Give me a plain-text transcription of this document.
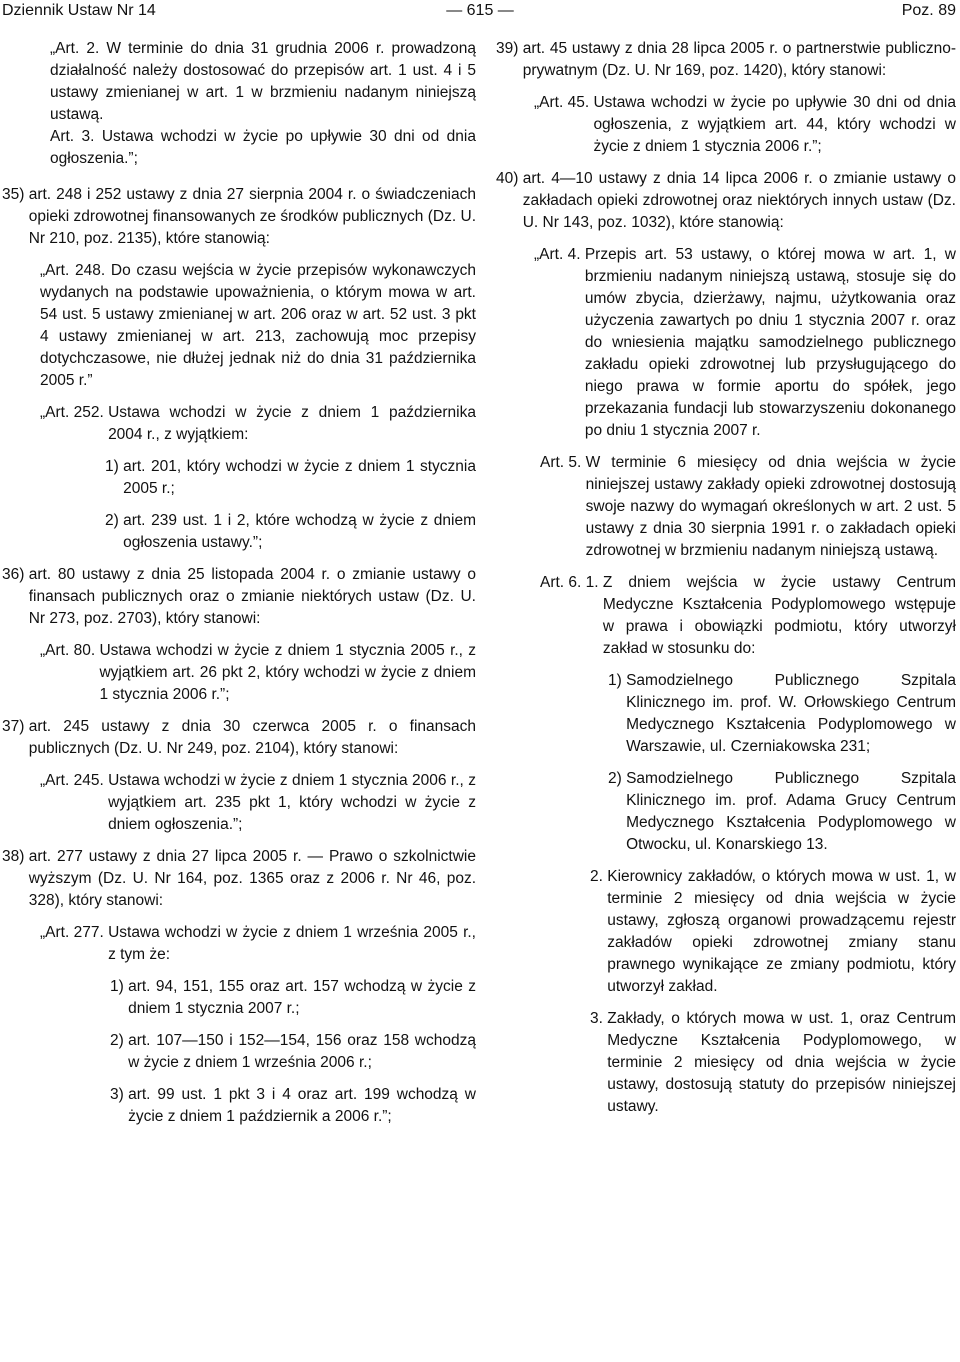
Dziennik Ustaw Nr 14	— 615 —	Poz. 89

„Art. 2. W terminie do dnia 31 grudnia 2006 r. prowadzoną działalność należy dostosować do przepisów art. 1 ust. 4 i 5 ustawy zmienianej w art. 1 w brzmieniu nadanym niniejszą ustawą.

Art. 3. Ustawa wchodzi w życie po upływie 30 dni od dnia ogłoszenia.”;

35) art. 248 i 252 ustawy z dnia 27 sierpnia 2004 r. o świadczeniach opieki zdrowotnej finansowanych ze środków publicznych (Dz. U. Nr 210, poz. 2135), które stanowią:

„Art. 248. Do czasu wejścia w życie przepisów wykonawczych wydanych na podstawie upoważnienia, o którym mowa w art. 54 ust. 5 ustawy zmienianej w art. 206 oraz w art. 52 ust. 3 pkt 4 ustawy zmienianej w art. 213, zachowują moc przepisy dotychczasowe, nie dłużej jednak niż do dnia 31 października 2005 r.”

„Art. 252. Ustawa wchodzi w życie z dniem 1 października 2004 r., z wyjątkiem:
1) art. 201, który wchodzi w życie z dniem 1 stycznia 2005 r.;
2) art. 239 ust. 1 i 2, które wchodzą w życie z dniem ogłoszenia ustawy.”;
36) art. 80 ustawy z dnia 25 listopada 2004 r. o zmianie ustawy o finansach publicznych oraz o zmianie niektórych ustaw (Dz. U. Nr 273, poz. 2703), który stanowi:
„Art. 80. Ustawa wchodzi w życie z dniem 1 stycznia 2005 r., z wyjątkiem art. 26 pkt 2, który wchodzi w życie z dniem 1 stycznia 2006 r.”;
37) art. 245 ustawy z dnia 30 czerwca 2005 r. o finansach publicznych (Dz. U. Nr 249, poz. 2104), który stanowi:
„Art. 245. Ustawa wchodzi w życie z dniem 1 stycznia 2006 r., z wyjątkiem art. 235 pkt 1, który wchodzi w życie z dniem ogłoszenia.”;
38) art. 277 ustawy z dnia 27 lipca 2005 r. — Prawo o szkolnictwie wyższym (Dz. U. Nr 164, poz. 1365 oraz z 2006 r. Nr 46, poz. 328), który stanowi:
„Art. 277. Ustawa wchodzi w życie z dniem 1 września 2005 r., z tym że:
1) art. 94, 151, 155 oraz art. 157 wchodzą w życie z dniem 1 stycznia 2007 r.;
2) art. 107—150 i 152—154, 156 oraz 158 wchodzą w życie z dniem 1 września 2006 r.;
3) art. 99 ust. 1 pkt 3 i 4 oraz art. 199 wchodzą w życie z dniem 1 październik a 2006 r.”;
39) art. 45 ustawy z dnia 28 lipca 2005 r. o partnerstwie publiczno-prywatnym (Dz. U. Nr 169, poz. 1420), który stanowi:
„Art. 45. Ustawa wchodzi w życie po upływie 30 dni od dnia ogłoszenia, z wyjątkiem art. 44, który wchodzi w życie z dniem 1 stycznia 2006 r.”;
40) art. 4—10 ustawy z dnia 14 lipca 2006 r. o zmianie ustawy o zakładach opieki zdrowotnej oraz niektórych innych ustaw (Dz. U. Nr 143, poz. 1032), które stanowią:
„Art. 4. Przepis art. 53 ustawy, o której mowa w art. 1, w brzmieniu nadanym niniejszą ustawą, stosuje się do umów zbycia, dzierżawy, najmu, użytkowania oraz użyczenia zawartych po dniu 1 stycznia 2007 r. oraz do wniesienia majątku samodzielnego publicznego zakładu opieki zdrowotnej lub przysługującego do niego prawa w formie aportu do spółek, jego przekazania fundacji lub stowarzyszeniu dokonanego po dniu 1 stycznia 2007 r.
Art. 5. W terminie 6 miesięcy od dnia wejścia w życie niniejszej ustawy zakłady opieki zdrowotnej dostosują swoje nazwy do wymagań określonych w art. 2 ust. 5 ustawy z dnia 30 sierpnia 1991 r. o zakładach opieki zdrowotnej w brzmieniu nadanym niniejszą ustawą.
Art. 6. 1. Z dniem wejścia w życie ustawy Centrum Medyczne Kształcenia Podyplomowego wstępuje w prawa i obowiązki podmiotu, który utworzył zakład w stosunku do:
1) Samodzielnego Publicznego Szpitala Klinicznego im. prof. W. Orłowskiego Centrum Medycznego Kształcenia Podyplomowego w Warszawie, ul. Czerniakowska 231;
2) Samodzielnego Publicznego Szpitala Klinicznego im. prof. Adama Grucy Centrum Medycznego Kształcenia Podyplomowego w Otwocku, ul. Konarskiego 13.
2. Kierownicy zakładów, o których mowa w ust. 1, w terminie 2 miesięcy od dnia wejścia w życie ustawy, zgłoszą organowi prowadzącemu rejestr zakładów opieki zdrowotnej zmiany stanu prawnego wynikające ze zmiany podmiotu, który utworzył zakład.
3. Zakłady, o których mowa w ust. 1, oraz Centrum Medyczne Kształcenia Podyplomowego, w terminie 2 miesięcy od dnia wejścia w życie ustawy, dostosują statuty do przepisów niniejszej ustawy.
